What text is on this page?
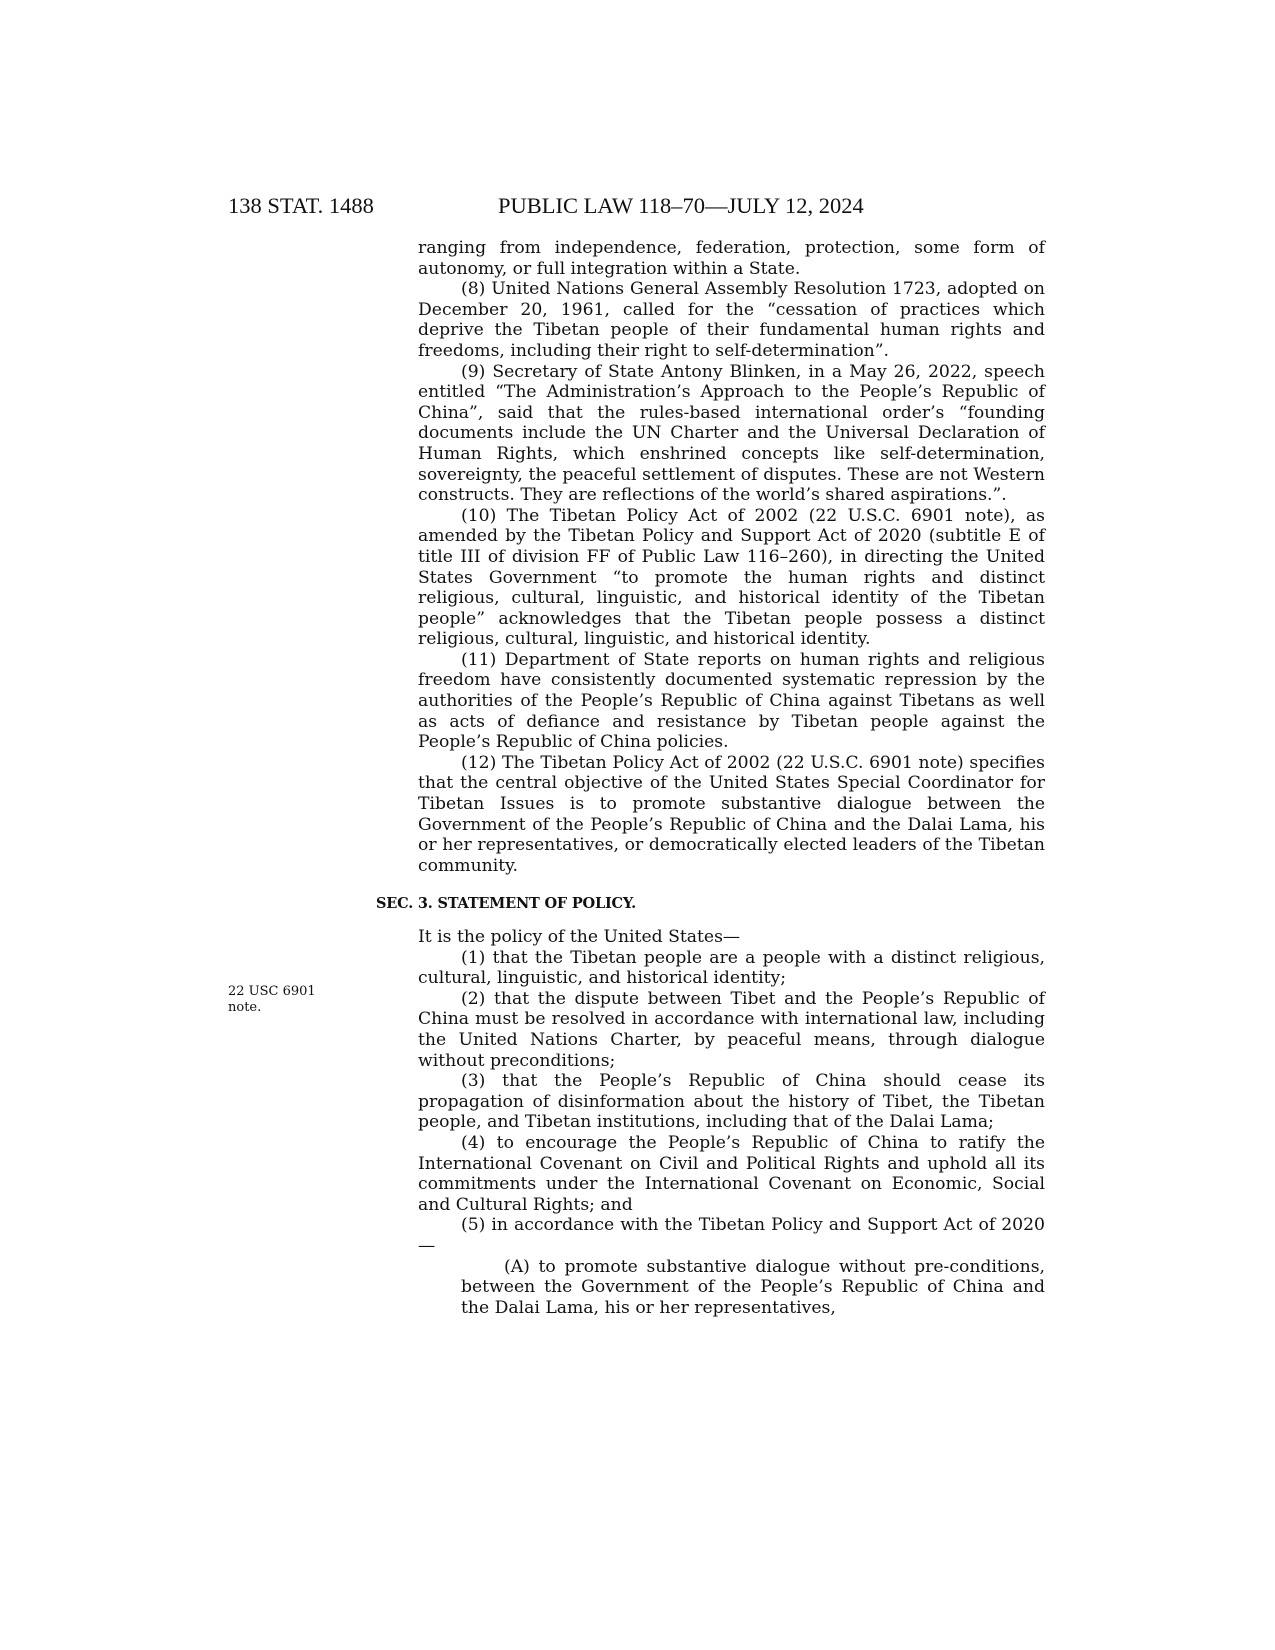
138 STAT. 1488	PUBLIC LAW 118–70—JULY 12, 2024
22 USC 6901 note.

ranging from independence, federation, protection, some form of autonomy, or full integration within a State.

(8) United Nations General Assembly Resolution 1723, adopted on December 20, 1961, called for the “cessation of practices which deprive the Tibetan people of their fundamental human rights and freedoms, including their right to self-determination”.

(9) Secretary of State Antony Blinken, in a May 26, 2022, speech entitled “The Administration’s Approach to the People’s Republic of China”, said that the rules-based international order’s “founding documents include the UN Charter and the Universal Declaration of Human Rights, which enshrined concepts like self-determination, sovereignty, the peaceful settlement of disputes. These are not Western constructs. They are reflections of the world’s shared aspirations.”.

(10) The Tibetan Policy Act of 2002 (22 U.S.C. 6901 note), as amended by the Tibetan Policy and Support Act of 2020 (subtitle E of title III of division FF of Public Law 116–260), in directing the United States Government “to promote the human rights and distinct religious, cultural, linguistic, and historical identity of the Tibetan people” acknowledges that the Tibetan people possess a distinct religious, cultural, linguistic, and historical identity.

(11) Department of State reports on human rights and religious freedom have consistently documented systematic repression by the authorities of the People’s Republic of China against Tibetans as well as acts of defiance and resistance by Tibetan people against the People’s Republic of China policies.

(12) The Tibetan Policy Act of 2002 (22 U.S.C. 6901 note) specifies that the central objective of the United States Special Coordinator for Tibetan Issues is to promote substantive dialogue between the Government of the People’s Republic of China and the Dalai Lama, his or her representatives, or democratically elected leaders of the Tibetan community.

SEC. 3. STATEMENT OF POLICY.

It is the policy of the United States—

(1) that the Tibetan people are a people with a distinct religious, cultural, linguistic, and historical identity;

(2) that the dispute between Tibet and the People’s Republic of China must be resolved in accordance with international law, including the United Nations Charter, by peaceful means, through dialogue without preconditions;

(3) that the People’s Republic of China should cease its propagation of disinformation about the history of Tibet, the Tibetan people, and Tibetan institutions, including that of the Dalai Lama;

(4) to encourage the People’s Republic of China to ratify the International Covenant on Civil and Political Rights and uphold all its commitments under the International Covenant on Economic, Social and Cultural Rights; and

(5) in accordance with the Tibetan Policy and Support Act of 2020—

(A) to promote substantive dialogue without pre-conditions, between the Government of the People’s Republic of China and the Dalai Lama, his or her representatives,
